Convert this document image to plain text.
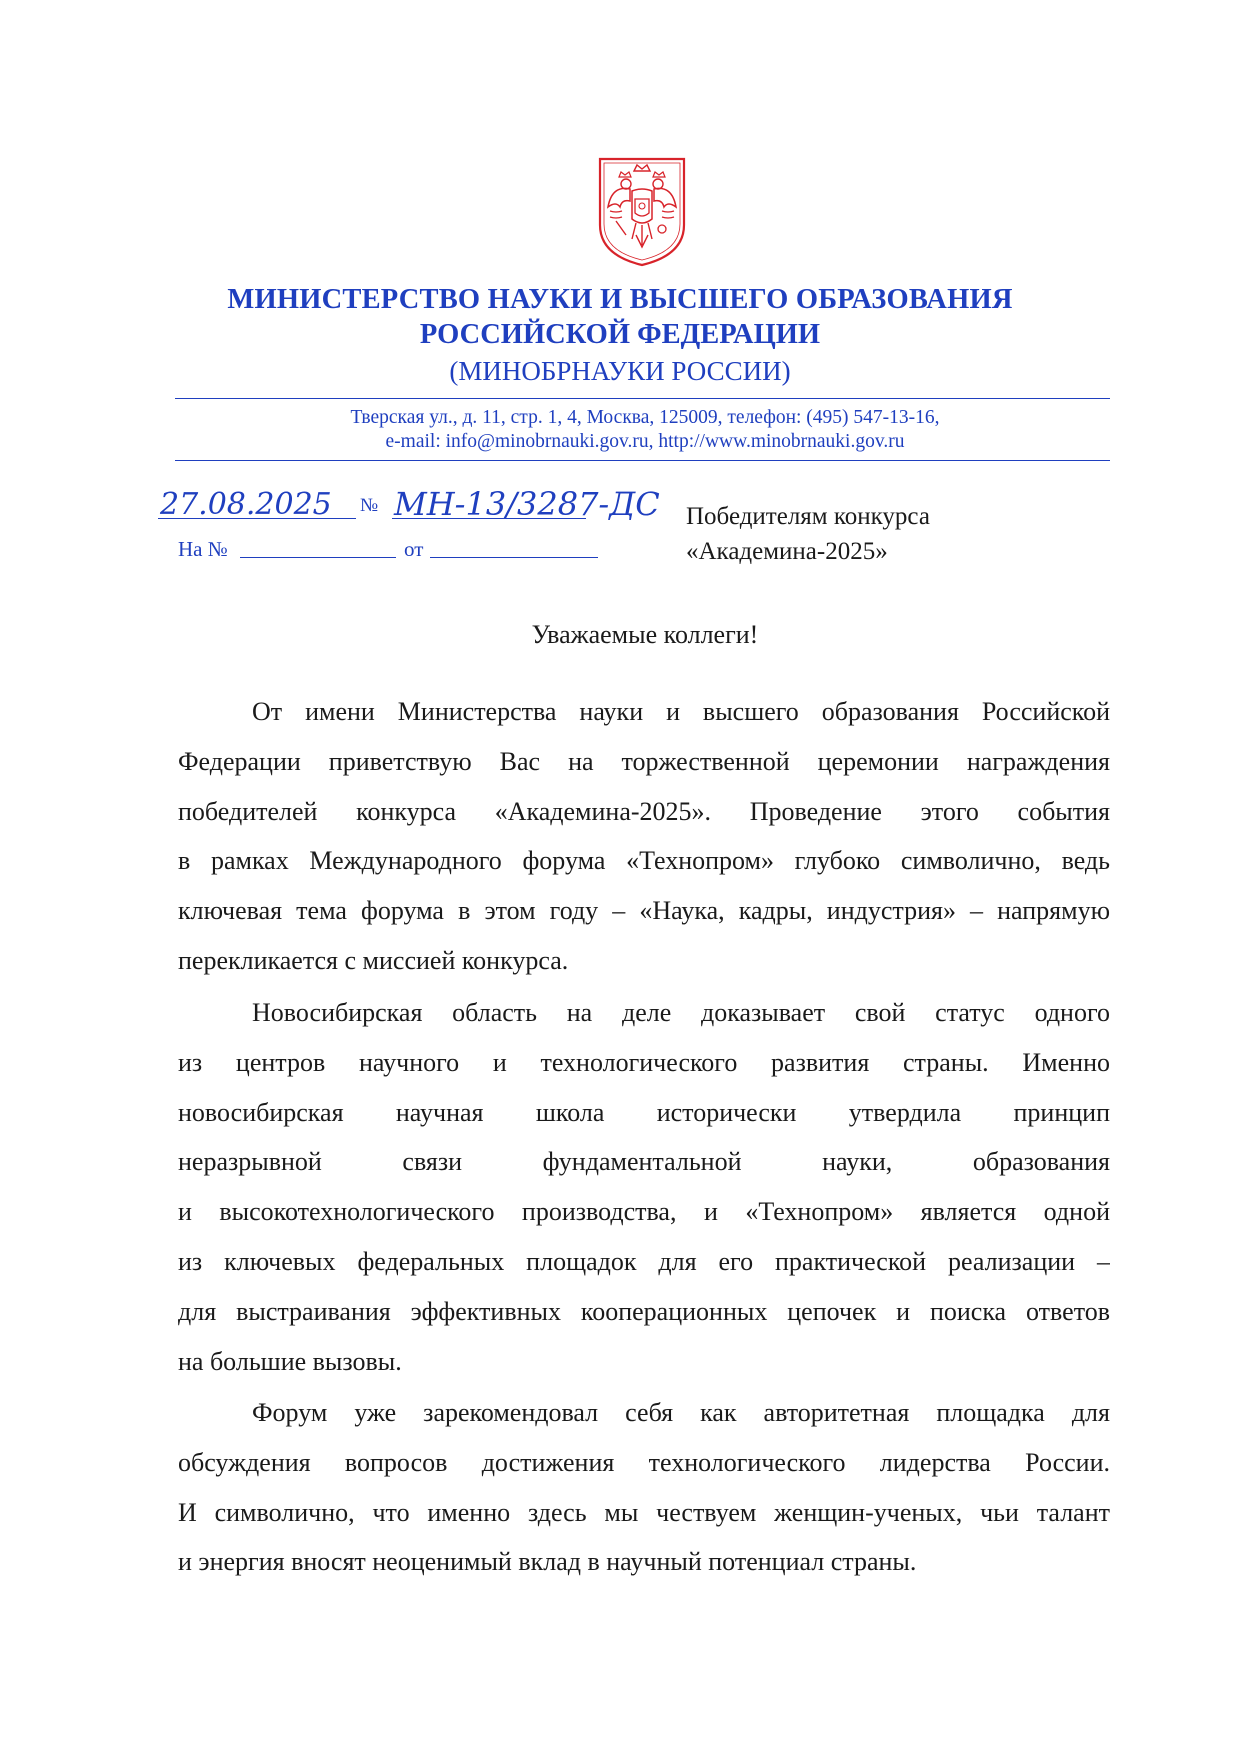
МИНИСТЕРСТВО НАУКИ И ВЫСШЕГО ОБРАЗОВАНИЯ
РОССИЙСКОЙ ФЕДЕРАЦИИ
(МИНОБРНАУКИ РОССИИ)
Тверская ул., д. 11, стр. 1, 4, Москва, 125009, телефон: (495) 547-13-16,
e-mail: info@minobrnauki.gov.ru, http://www.minobrnauki.gov.ru
27.08.2025 № МН-13/3287-ДС
На №	от
Победителям конкурса
«Академина-2025»
Уважаемые коллеги!
От имени Министерства науки и высшего образования Российской
Федерации приветствую Вас на торжественной церемонии награждения
победителей конкурса «Академина-2025». Проведение этого события
в рамках Международного форума «Технопром» глубоко символично, ведь
ключевая тема форума в этом году – «Наука, кадры, индустрия» – напрямую
перекликается с миссией конкурса.
Новосибирская область на деле доказывает свой статус одного
из центров научного и технологического развития страны. Именно
новосибирская научная школа исторически утвердила принцип
неразрывной связи фундаментальной науки, образования
и высокотехнологического производства, и «Технопром» является одной
из ключевых федеральных площадок для его практической реализации –
для выстраивания эффективных кооперационных цепочек и поиска ответов
на большие вызовы.
Форум уже зарекомендовал себя как авторитетная площадка для
обсуждения вопросов достижения технологического лидерства России.
И символично, что именно здесь мы чествуем женщин-ученых, чьи талант
и энергия вносят неоценимый вклад в научный потенциал страны.
